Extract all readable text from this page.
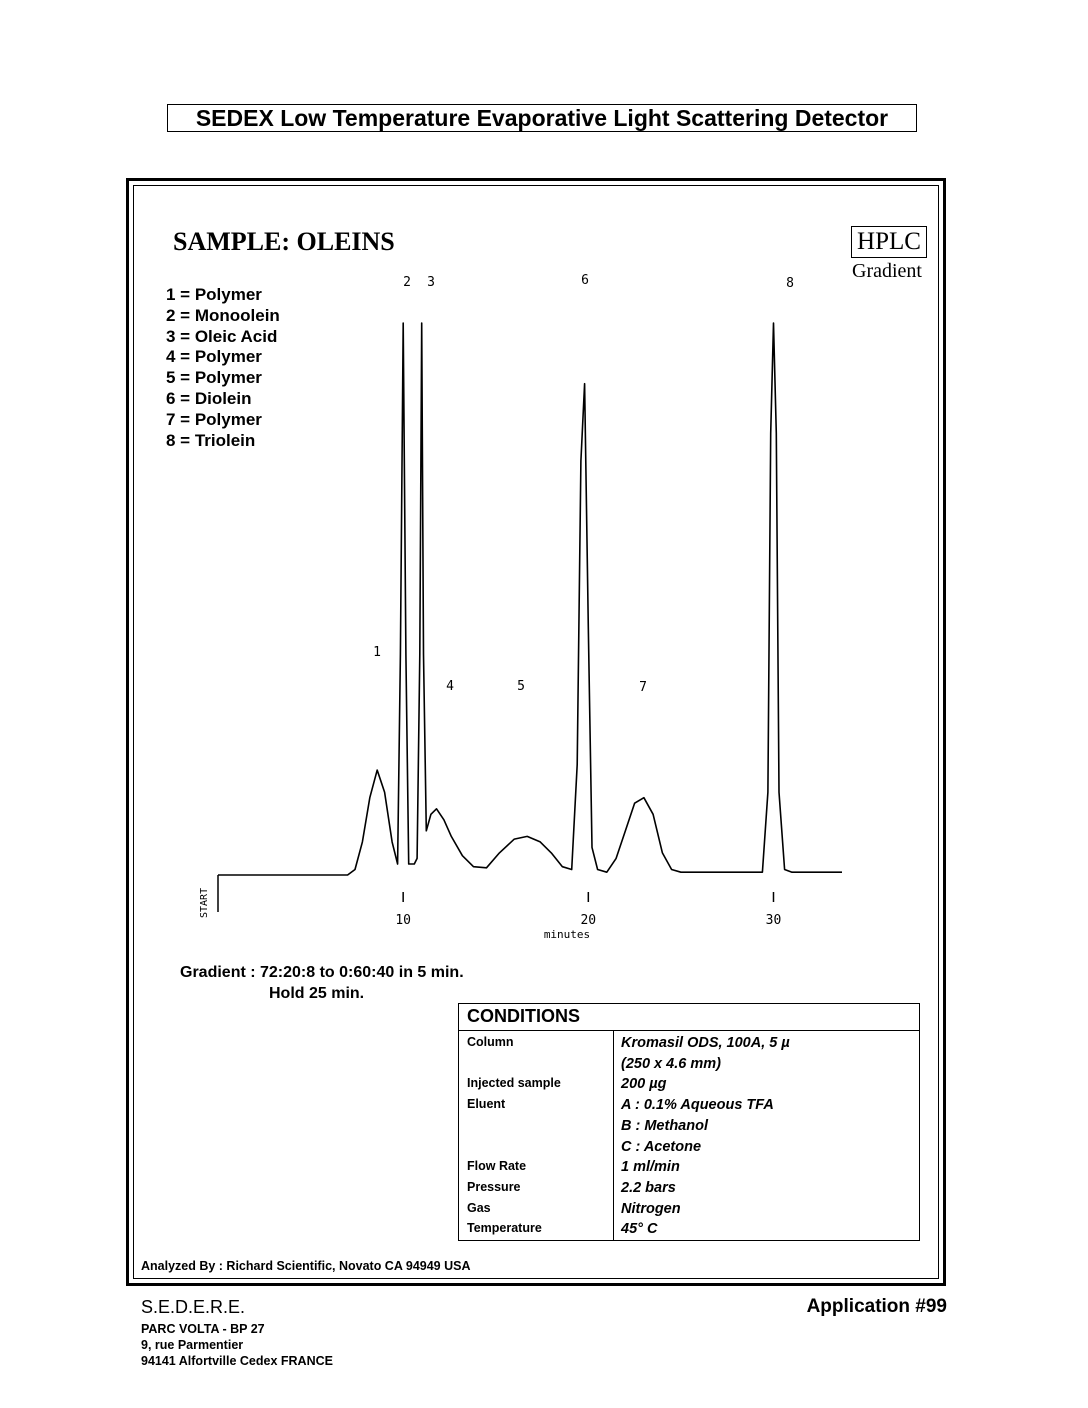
SEDEX Low Temperature Evaporative Light Scattering Detector
SAMPLE: OLEINS	HPLC
Gradient
1 = Polymer
2 = Monoolein
3 = Oleic Acid
4 = Polymer
5 = Polymer
6 = Diolein
7 = Polymer
8 = Triolein
START
10	20	30
minutes
1
2 3
4	5
6
7
8
Gradient : 72:20:8 to 0:60:40 in 5 min.
Hold 25 min.
CONDITIONS
Column	Kromasil ODS, 100A, 5 µ
(250 x 4.6 mm)
Injected sample	200 µg
Eluent	A : 0.1% Aqueous TFA
B : Methanol
C : Acetone
Flow Rate	1 ml/min
Pressure	2.2 bars
Gas	Nitrogen
Temperature	45° C
Analyzed By : Richard Scientific, Novato CA 94949 USA
S.E.D.E.R.E.
PARC VOLTA - BP 27
9, rue Parmentier
94141 Alfortville Cedex FRANCE
Application #99
